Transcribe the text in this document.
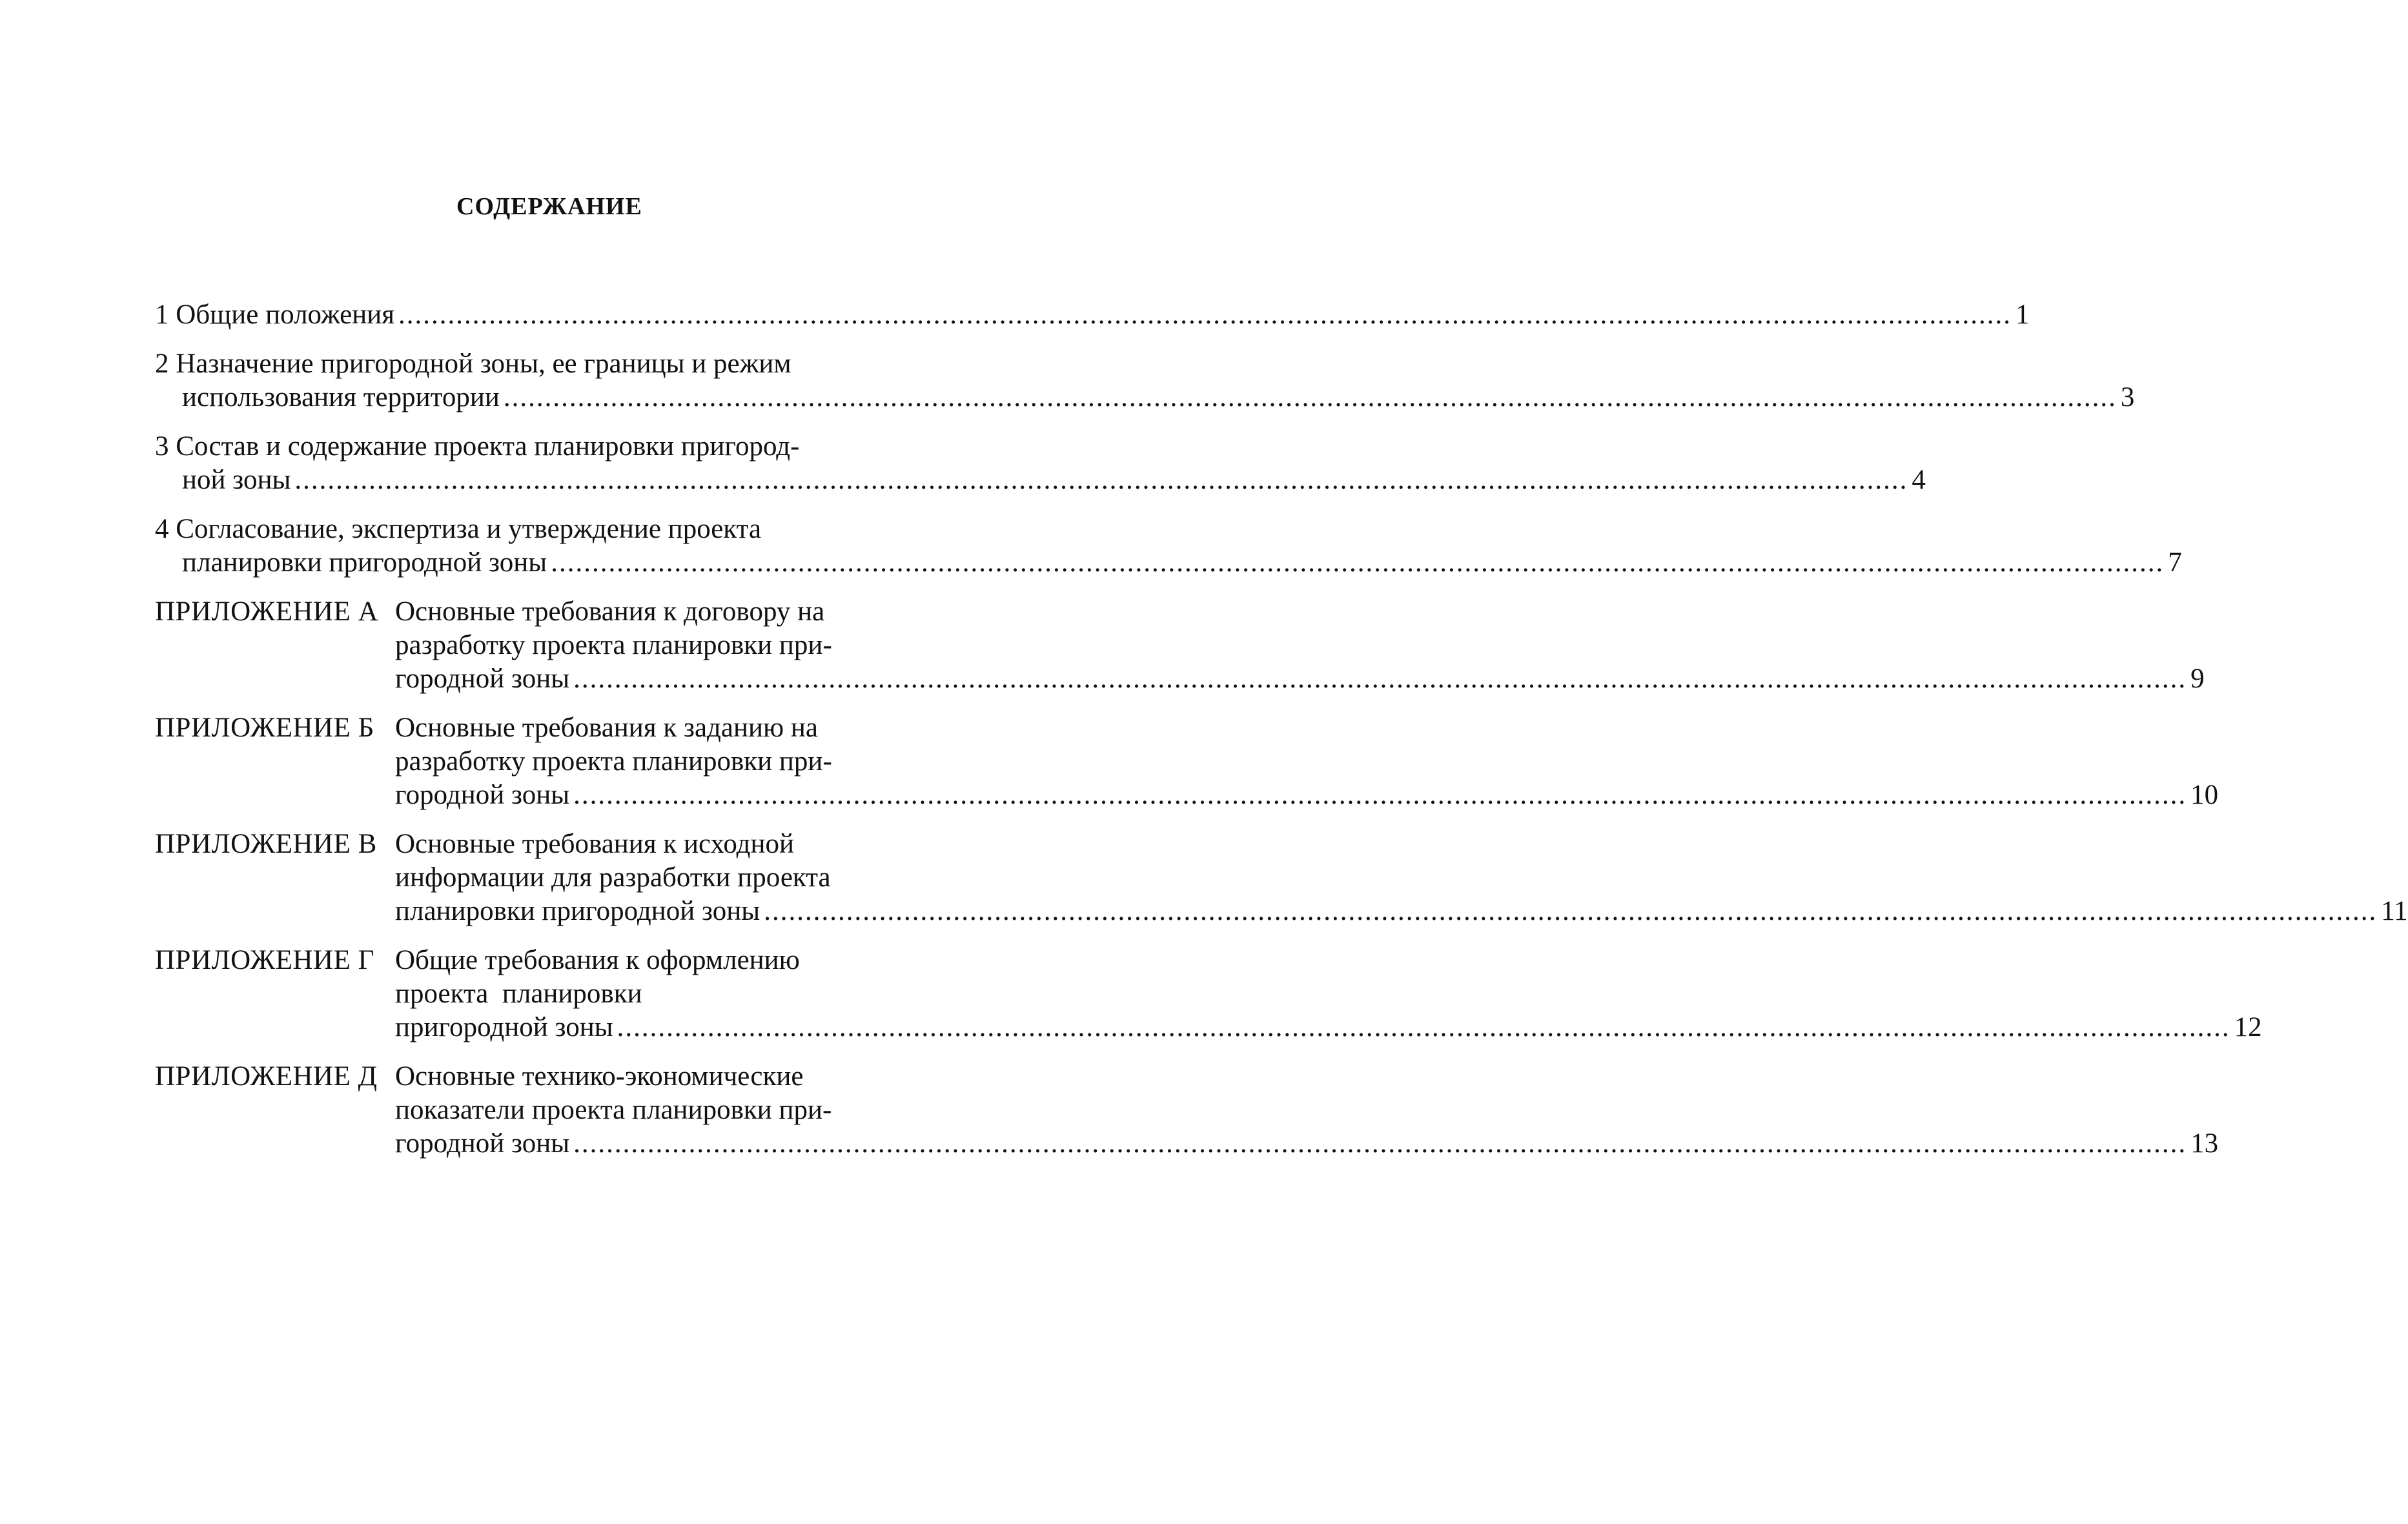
СОДЕРЖАНИЕ
1 Общие положения .....	1
2 Назначение пригородной зоны, ее границы и режим
использования территории .....	3
3 Состав и содержание проекта планировки пригород-
ной зоны .....	4
4 Согласование, экспертиза и утверждение проекта
планировки пригородной зоны .....	7
ПРИЛОЖЕНИЕ А Основные требования к договору на
разработку проекта планировки при-
городной зоны .....	9
ПРИЛОЖЕНИЕ Б Основные требования к заданию на
разработку проекта планировки при-
городной зоны .....	10
ПРИЛОЖЕНИЕ В Основные требования к исходной
информации для разработки проекта
планировки пригородной зоны .....	11
ПРИЛОЖЕНИЕ Г Общие требования к оформлению
проекта  планировки
пригородной зоны .....	12
ПРИЛОЖЕНИЕ Д Основные технико-экономические
показатели проекта планировки при-
городной зоны .....	13
